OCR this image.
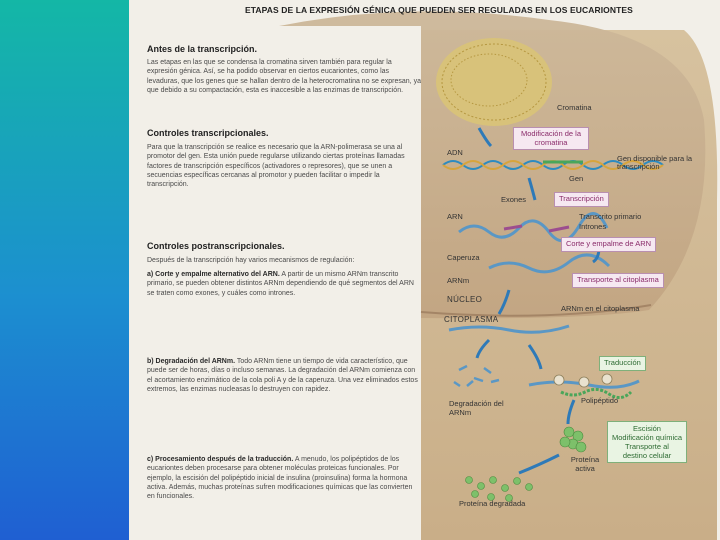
ETAPAS DE LA EXPRESIÓN GÉNICA QUE PUEDEN SER REGULADAS EN LOS EUCARIONTES
Antes de la transcripción.
Las etapas en las que se condensa la cromatina sirven también para regular la expresión génica. Así, se ha podido observar en ciertos eucariontes, como las levaduras, que los genes que se hallan dentro de la heterocromatina no se expresan, ya que debido a su compactación, esta es inaccesible a las enzimas de transcripción.
Controles transcripcionales.
Para que la transcripción se realice es necesario que la ARN-polimerasa se una al promotor del gen. Esta unión puede regularse utilizando ciertas proteínas llamadas factores de transcripción específicos (activadores o represores), que se unen a secuencias específicas cercanas al promotor y pueden facilitar o impedir la transcripción.
Controles postranscripcionales.
Después de la transcripción hay varios mecanismos de regulación:
a) Corte y empalme alternativo del ARN. A partir de un mismo ARNm transcrito primario, se pueden obtener distintos ARNm dependiendo de qué segmentos del ARN se traten como exones, y cuáles como intrones.
b) Degradación del ARNm. Todo ARNm tiene un tiempo de vida característico, que puede ser de horas, días o incluso semanas. La degradación del ARNm comienza con el acortamiento enzimático de la cola poli A y de la caperuza. Una vez eliminados estos extremos, las enzimas nucleasas lo destruyen con rapidez.
c) Procesamiento después de la traducción. A menudo, los polipéptidos de los eucariontes deben procesarse para obtener moléculas proteicas funcionales. Por ejemplo, la escisión del polipéptido inicial de insulina (proinsulina) forma la hormona activa. Además, muchas proteínas sufren modificaciones químicas que las convierten en funcionales.
Cromatina
Modificación de la cromatina
ADN
Gen disponible para la transcripción
Gen
Exones	Transcripción
ARN	Transcrito primario
Intrones
Corte y empalme de ARN
Caperuza
ARNm	Transporte al citoplasma
NÚCLEO
CITOPLASMA
ARNm en el citoplasma
Traducción
Degradación del ARNm
Polipéptido
Escisión
Modificación química
Transporte al
destino celular
Proteína activa
Proteína degradada
